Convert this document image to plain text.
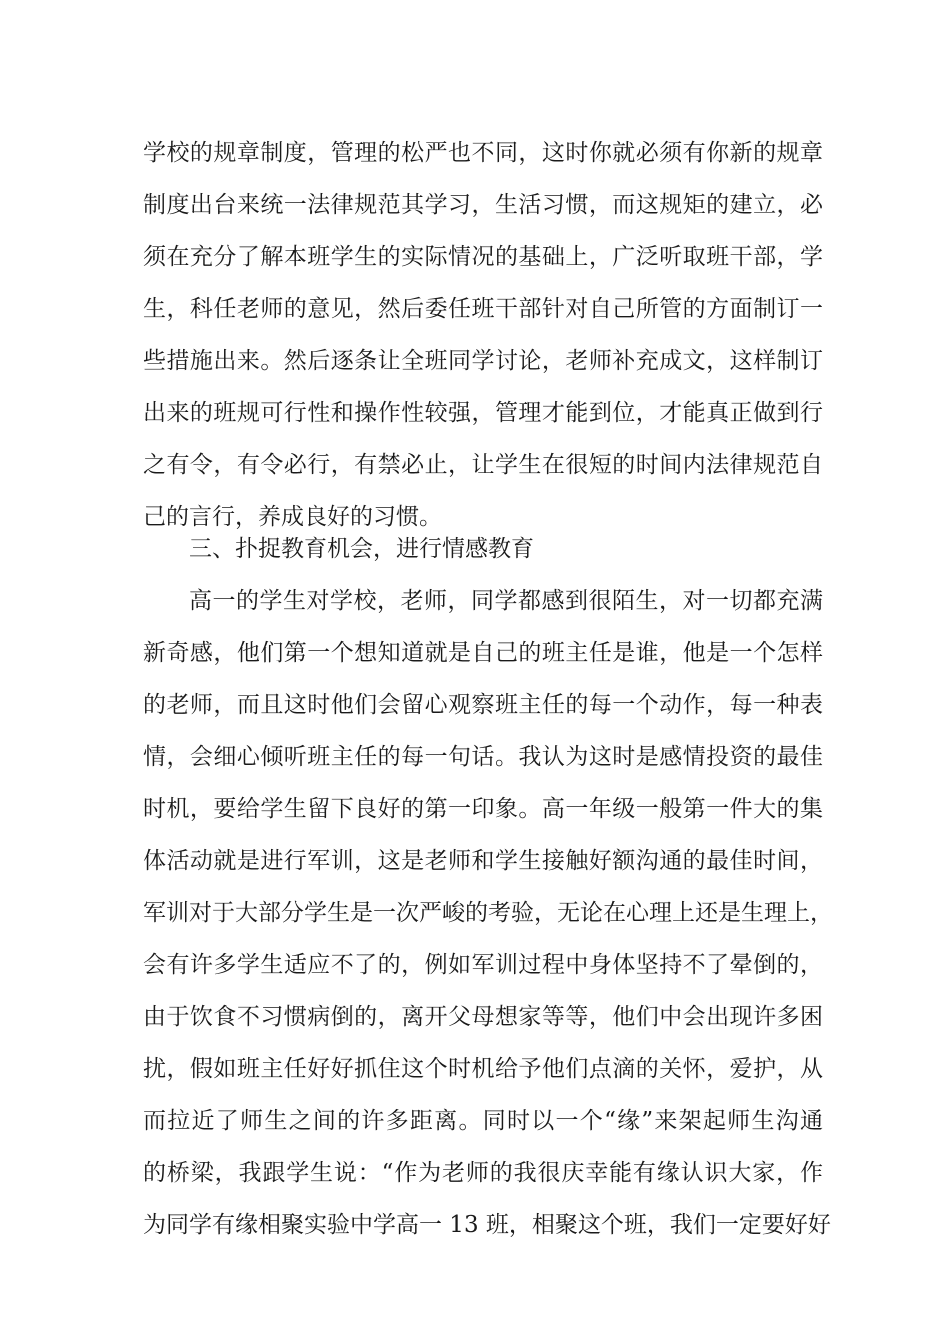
学校的规章制度，管理的松严也不同，这时你就必须有你新的规章
制度出台来统一法律规范其学习，生活习惯，而这规矩的建立，必
须在充分了解本班学生的实际情况的基础上，广泛听取班干部，学
生，科任老师的意见，然后委任班干部针对自己所管的方面制订一
些措施出来。然后逐条让全班同学讨论，老师补充成文，这样制订
出来的班规可行性和操作性较强，管理才能到位，才能真正做到行
之有令，有令必行，有禁必止，让学生在很短的时间内法律规范自
己的言行，养成良好的习惯。
三、扑捉教育机会，进行情感教育
高一的学生对学校，老师，同学都感到很陌生，对一切都充满
新奇感，他们第一个想知道就是自己的班主任是谁，他是一个怎样
的老师，而且这时他们会留心观察班主任的每一个动作，每一种表
情，会细心倾听班主任的每一句话。我认为这时是感情投资的最佳
时机，要给学生留下良好的第一印象。高一年级一般第一件大的集
体活动就是进行军训，这是老师和学生接触好额沟通的最佳时间，
军训对于大部分学生是一次严峻的考验，无论在心理上还是生理上，
会有许多学生适应不了的，例如军训过程中身体坚持不了晕倒的，
由于饮食不习惯病倒的，离开父母想家等等，他们中会出现许多困
扰，假如班主任好好抓住这个时机给予他们点滴的关怀，爱护，从
而拉近了师生之间的许多距离。同时以一个“缘”来架起师生沟通
的桥梁，我跟学生说：“作为老师的我很庆幸能有缘认识大家，作
为同学有缘相聚实验中学高一 13 班，相聚这个班，我们一定要好好
